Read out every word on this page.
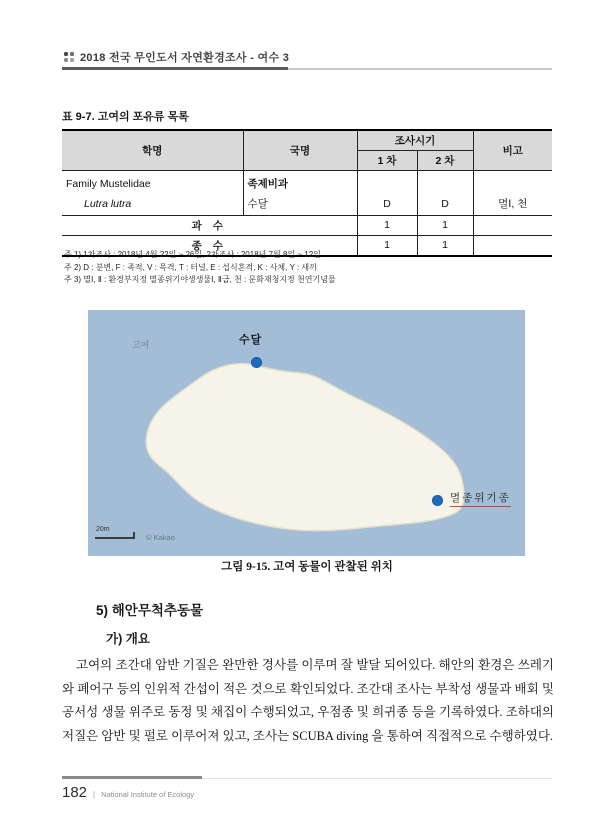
2018 전국 무인도서 자연환경조사 - 여수 3
표 9-7. 고여의 포유류 목록
학명	국명	조사시기		비고
		1 차	2 차	
Family Mustelidae	족제비과			
Lutra lutra	수달	D	D	멸Ⅰ, 천
과 수		1	1	
종 수		1	1	
주 1) 1차조사 : 2018년 4월 22일 ~ 26일, 2차조사 : 2018년 7월 8일 ~ 12일
주 2) D : 분변, F : 족적, V : 목격, T : 터널, E : 섭식흔적, K : 사체, Y : 새끼
주 3) 멸Ⅰ, Ⅱ : 환경부지정 멸종위기야생생물Ⅰ, Ⅱ급, 천 : 문화재청지정 천연기념물
고여	수달
멸종위기종
20m
© Kakao
그림 9-15. 고여 동물이 관찰된 위치
5) 해안무척추동물
가) 개요
고여의 조간대 암반 기질은 완만한 경사를 이루며 잘 발달 되어있다. 해안의 환경은 쓰레기와 폐어구 등의 인위적 간섭이 적은 것으로 확인되었다. 조간대 조사는 부착성 생물과 배회 및 공서성 생물 위주로 동정 및 채집이 수행되었고, 우점종 및 희귀종 등을 기록하였다. 조하대의 저질은 암반 및 펄로 이루어져 있고, 조사는 SCUBA diving 을 통하여 직접적으로 수행하였다.
182 | National Institute of Ecology
